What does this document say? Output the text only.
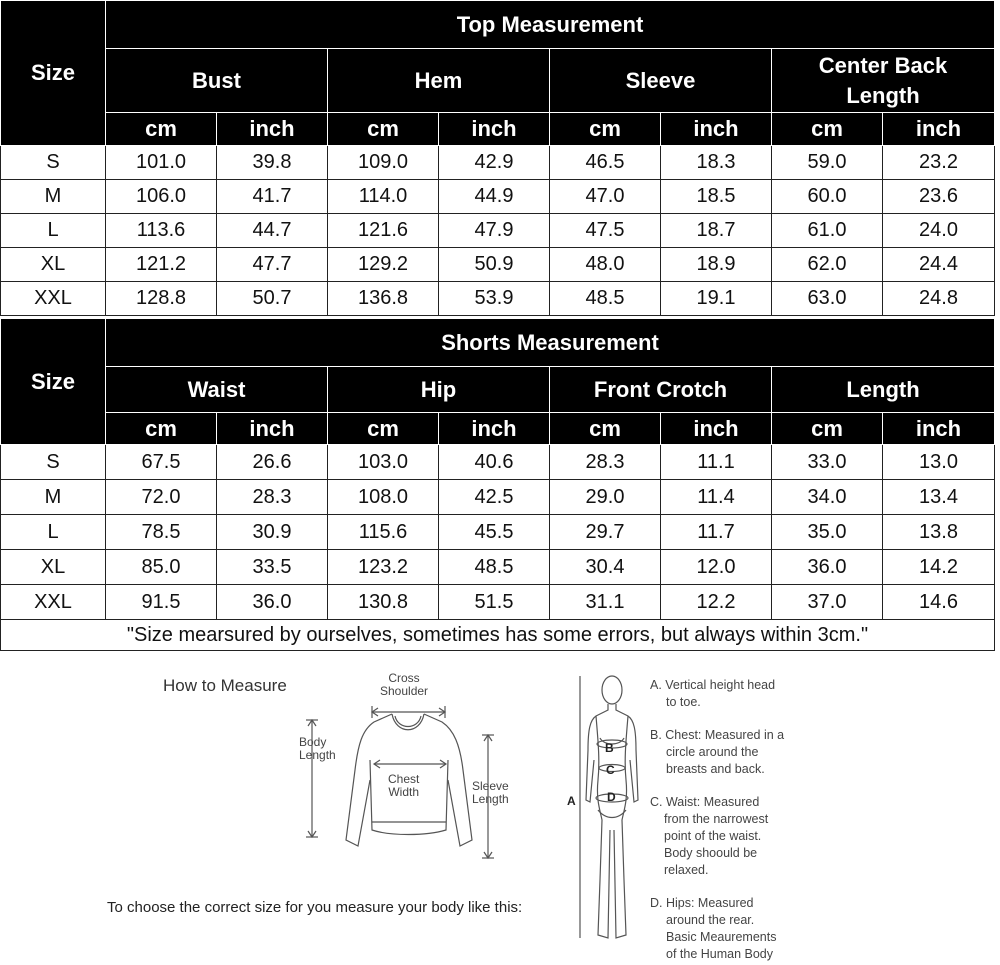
Size	Top Measurement							
	Bust		Hem		Sleeve		Center Back Length	
	cm	inch	cm	inch	cm	inch	cm	inch
S	101.0	39.8	109.0	42.9	46.5	18.3	59.0	23.2
M	106.0	41.7	114.0	44.9	47.0	18.5	60.0	23.6
L	113.6	44.7	121.6	47.9	47.5	18.7	61.0	24.0
XL	121.2	47.7	129.2	50.9	48.0	18.9	62.0	24.4
XXL	128.8	50.7	136.8	53.9	48.5	19.1	63.0	24.8
Size	Shorts Measurement							
	Waist		Hip		Front Crotch		Length	
	cm	inch	cm	inch	cm	inch	cm	inch
S	67.5	26.6	103.0	40.6	28.3	11.1	33.0	13.0
M	72.0	28.3	108.0	42.5	29.0	11.4	34.0	13.4
L	78.5	30.9	115.6	45.5	29.7	11.7	35.0	13.8
XL	85.0	33.5	123.2	48.5	30.4	12.0	36.0	14.2
XXL	91.5	36.0	130.8	51.5	31.1	12.2	37.0	14.6
"Size mearsured by ourselves, sometimes has some errors, but always within 3cm."								
How to Measure	Cross
Shoulder
Body
Length
Chest
Width	Sleeve
Length
To choose the correct size for you measure your body like this:
A
B
C
D
A. Vertical height head
to toe.
B. Chest: Measured in a
circle around the
breasts and back.
C. Waist: Measured
from the narrowest
point of the waist.
Body shoould be
relaxed.
D. Hips: Measured
around the rear.
Basic Meaurements
of the Human Body
